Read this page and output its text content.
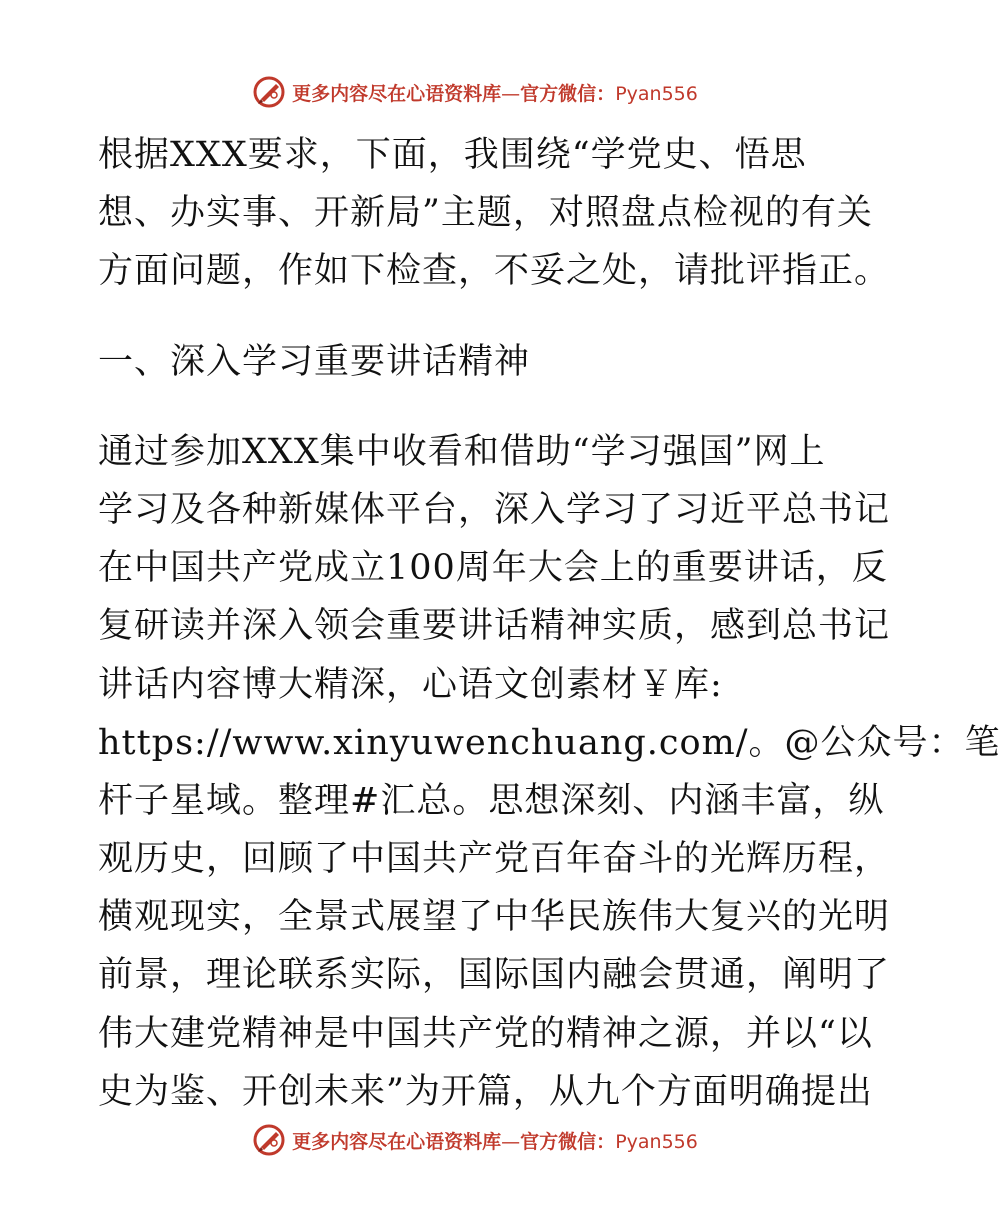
更多内容尽在心语资料库—官方微信：Pyan556
根据XXX要求，下面，我围绕“学党史、悟思
想、办实事、开新局”主题，对照盘点检视的有关
方面问题，作如下检查，不妥之处，请批评指正。
一、深入学习重要讲话精神
通过参加XXX集中收看和借助“学习强国”网上
学习及各种新媒体平台，深入学习了习近平总书记
在中国共产党成立100周年大会上的重要讲话，反
复研读并深入领会重要讲话精神实质，感到总书记
讲话内容博大精深，心语文创素材￥库:
https://www.xinyuwenchuang.com/。@公众号：笔
杆子星域。整理#汇总。思想深刻、内涵丰富，纵
观历史，回顾了中国共产党百年奋斗的光辉历程，
横观现实，全景式展望了中华民族伟大复兴的光明
前景，理论联系实际，国际国内融会贯通，阐明了
伟大建党精神是中国共产党的精神之源，并以“以
史为鉴、开创未来”为开篇，从九个方面明确提出
更多内容尽在心语资料库—官方微信：Pyan556
